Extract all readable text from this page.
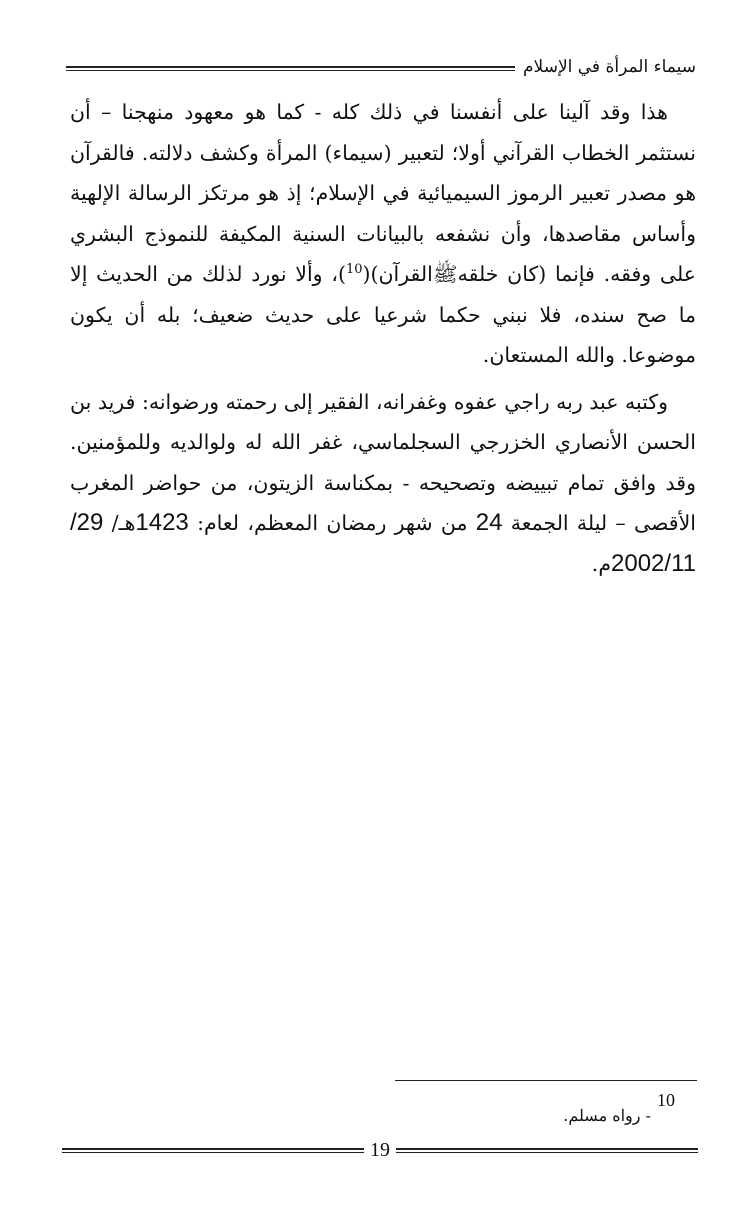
سيماء المرأة في الإسلام

هذا وقد آلينا على أنفسنا في ذلك كله - كما هو معهود منهجنا – أن نستثمر الخطاب القرآني أولا؛ لتعبير (سيماء) المرأة وكشف دلالته. فالقرآن هو مصدر تعبير الرموز السيميائية في الإسلام؛ إذ هو مرتكز الرسالة الإلهية وأساس مقاصدها، وأن نشفعه بالبيانات السنية المكيفة للنموذج البشري على وفقه. فإنما (كان خلقهﷺالقرآن)($^{10}$)، وألا نورد لذلك من الحديث إلا ما صح سنده، فلا نبني حكما شرعيا على حديث ضعيف؛ بله أن يكون موضوعا. والله المستعان.

وكتبه عبد ربه راجي عفوه وغفرانه، الفقير إلى رحمته ورضوانه: فريد بن الحسن الأنصاري الخزرجي السجلماسي، غفر الله له ولوالديه وللمؤمنين. وقد وافق تمام تبييضه وتصحيحه - بمكناسة الزيتون، من حواضر المغرب الأقصى – ليلة الجمعة 24 من شهر رمضان المعظم، لعام: 1423هـ/ 29/ 2002/11م.

10
- رواه مسلم.
19
